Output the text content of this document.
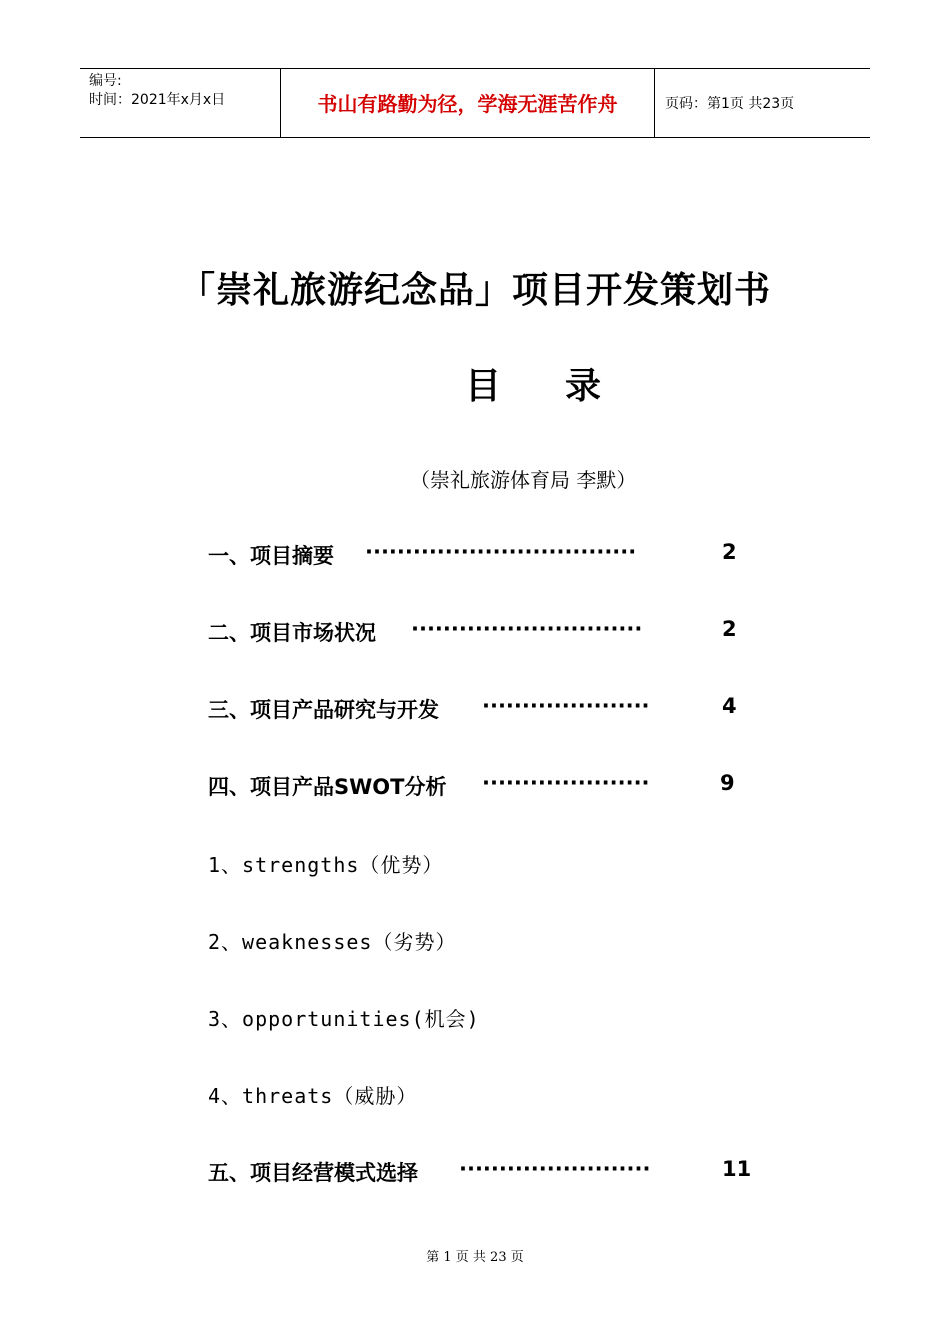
编号:
时间：2021年x月x日	书山有路勤为径，学海无涯苦作舟	页码：第1页 共23页
「崇礼旅游纪念品」项目开发策划书
目 录
（崇礼旅游体育局 李默）
一、项目摘要 ··································	2
二、项目市场状况 ·····························	2
三、项目产品研究与开发 ·····················	4
四、项目产品SWOT分析 ·····················	9
1、strengths（优势）
2、weaknesses（劣势）
3、opportunities(机会)
4、threats（威胁）
五、项目经营模式选择 ························	11
第 1 页 共 23 页
